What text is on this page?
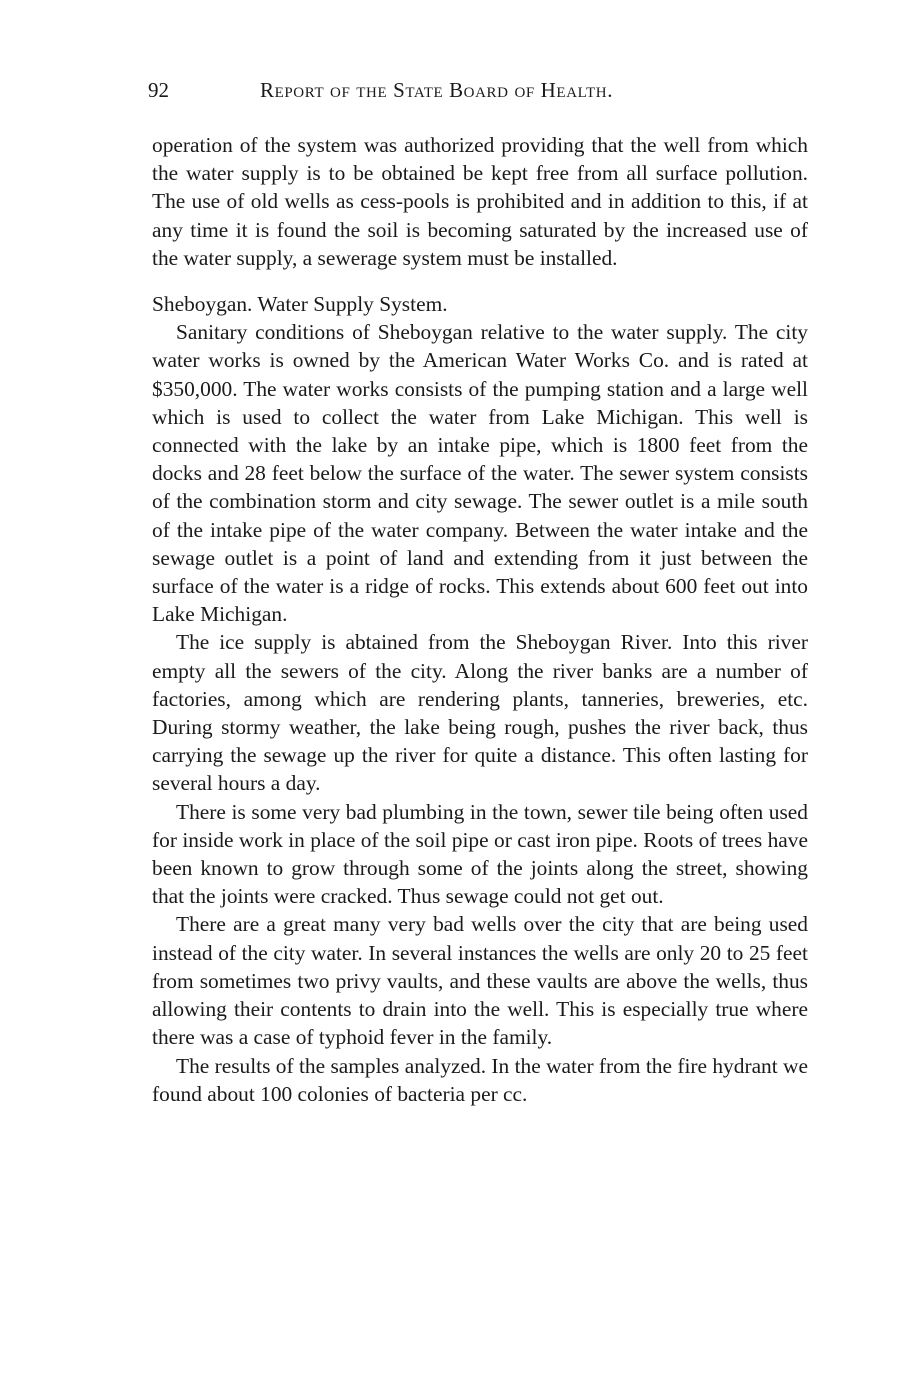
92	Report of the State Board of Health.

operation of the system was authorized providing that the well from which the water supply is to be obtained be kept free from all surface pollution. The use of old wells as cess-pools is prohibited and in addition to this, if at any time it is found the soil is becoming saturated by the increased use of the water supply, a sewerage system must be installed.

Sheboygan. Water Supply System.

Sanitary conditions of Sheboygan relative to the water supply. The city water works is owned by the American Water Works Co. and is rated at $350,000. The water works consists of the pumping station and a large well which is used to collect the water from Lake Michigan. This well is connected with the lake by an intake pipe, which is 1800 feet from the docks and 28 feet below the surface of the water. The sewer system consists of the combination storm and city sewage. The sewer outlet is a mile south of the intake pipe of the water company. Between the water intake and the sewage outlet is a point of land and extending from it just between the surface of the water is a ridge of rocks. This extends about 600 feet out into Lake Michigan.

The ice supply is abtained from the Sheboygan River. Into this river empty all the sewers of the city. Along the river banks are a number of factories, among which are rendering plants, tanneries, breweries, etc. During stormy weather, the lake being rough, pushes the river back, thus carrying the sewage up the river for quite a distance. This often lasting for several hours a day.

There is some very bad plumbing in the town, sewer tile being often used for inside work in place of the soil pipe or cast iron pipe. Roots of trees have been known to grow through some of the joints along the street, showing that the joints were cracked. Thus sewage could not get out.

There are a great many very bad wells over the city that are being used instead of the city water. In several instances the wells are only 20 to 25 feet from sometimes two privy vaults, and these vaults are above the wells, thus allowing their contents to drain into the well. This is especially true where there was a case of typhoid fever in the family.

The results of the samples analyzed. In the water from the fire hydrant we found about 100 colonies of bacteria per cc.
